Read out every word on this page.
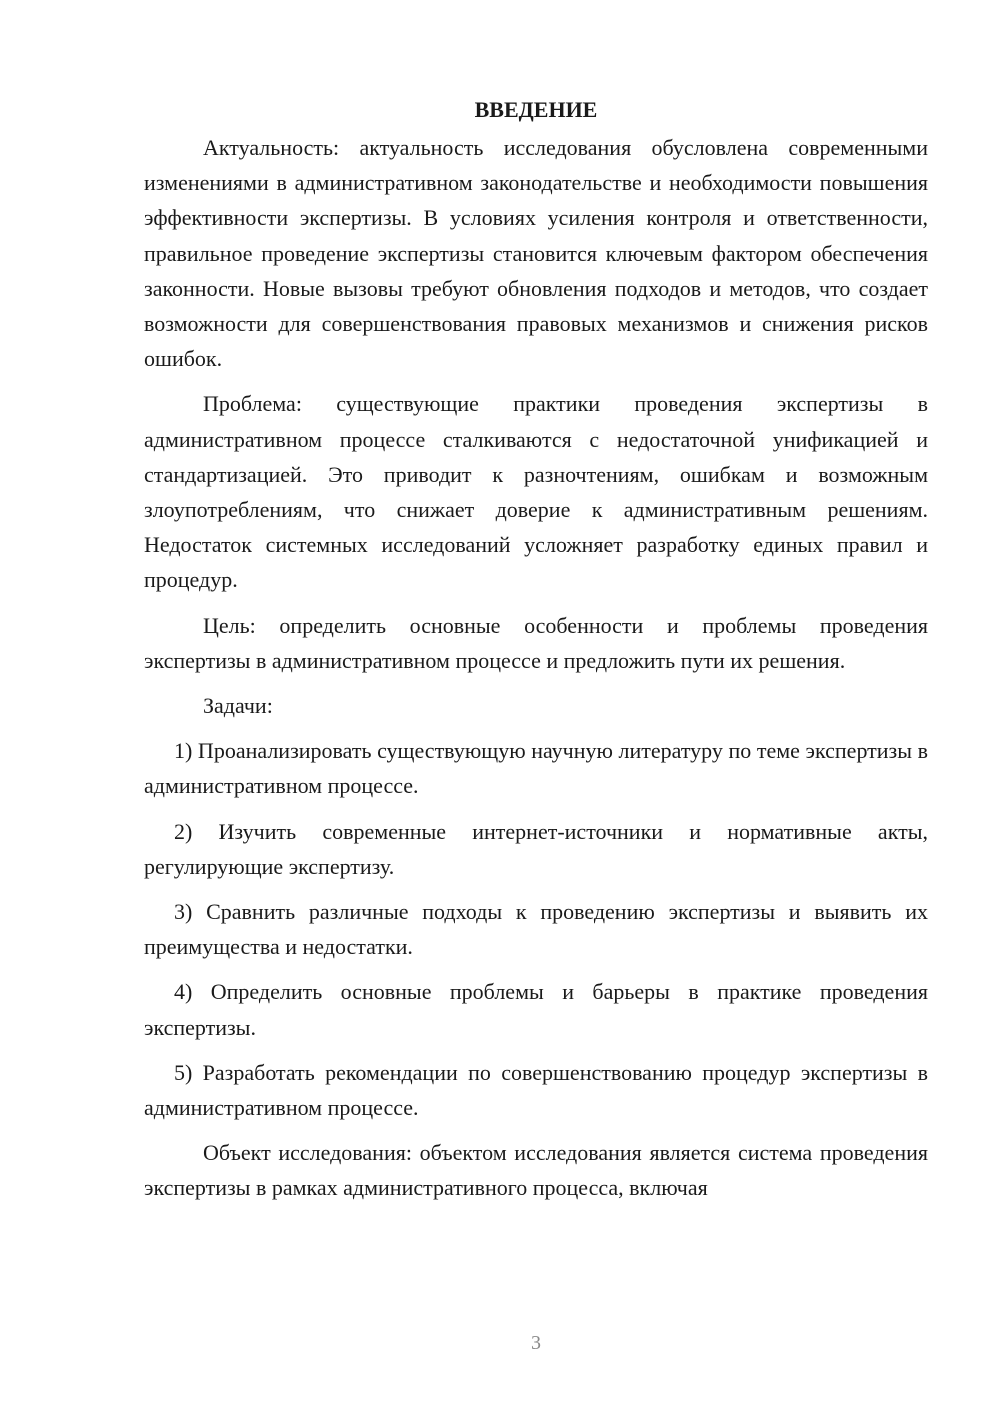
ВВЕДЕНИЕ

Актуальность: актуальность исследования обусловлена современными изменениями в административном законодательстве и необходимости повышения эффективности экспертизы. В условиях усиления контроля и ответственности, правильное проведение экспертизы становится ключевым фактором обеспечения законности. Новые вызовы требуют обновления подходов и методов, что создает возможности для совершенствования правовых механизмов и снижения рисков ошибок.

Проблема: существующие практики проведения экспертизы в административном процессе сталкиваются с недостаточной унификацией и стандартизацией. Это приводит к разночтениям, ошибкам и возможным злоупотреблениям, что снижает доверие к административным решениям. Недостаток системных исследований усложняет разработку единых правил и процедур.

Цель: определить основные особенности и проблемы проведения экспертизы в административном процессе и предложить пути их решения.

Задачи:

1) Проанализировать существующую научную литературу по теме экспертизы в административном процессе.

2) Изучить современные интернет-источники и нормативные акты, регулирующие экспертизу.

3) Сравнить различные подходы к проведению экспертизы и выявить их преимущества и недостатки.

4) Определить основные проблемы и барьеры в практике проведения экспертизы.

5) Разработать рекомендации по совершенствованию процедур экспертизы в административном процессе.

Объект исследования: объектом исследования является система проведения экспертизы в рамках административного процесса, включая

3
